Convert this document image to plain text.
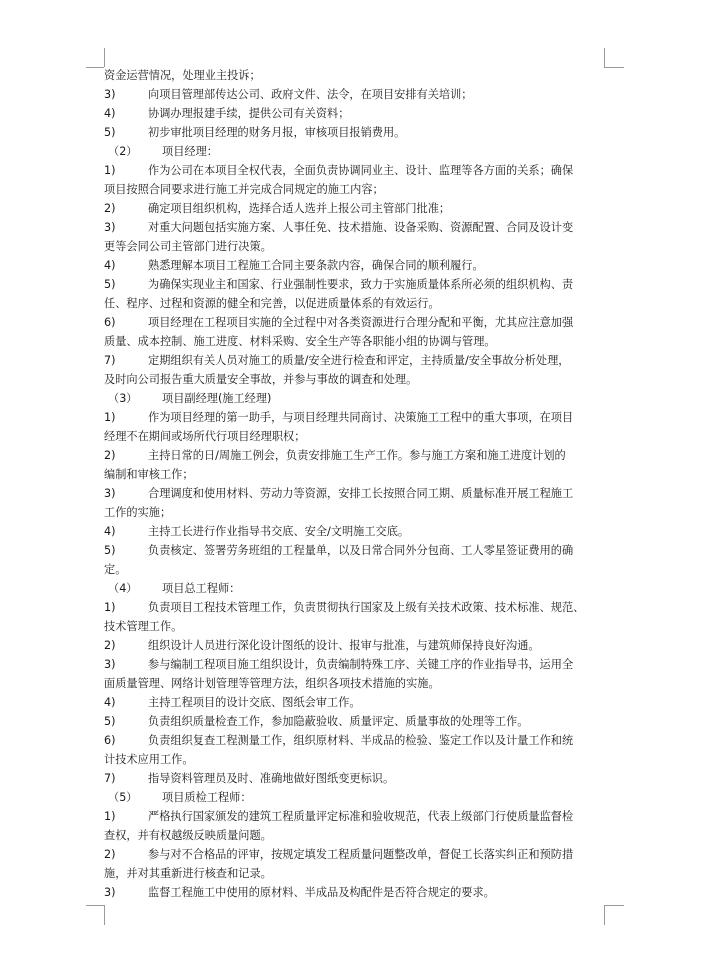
资金运营情况，处理业主投诉；
3)	向项目管理部传达公司、政府文件、法令，在项目安排有关培训；
4)	协调办理报建手续，提供公司有关资料；
5)	初步审批项目经理的财务月报，审核项目报销费用。
（2） 项目经理：
1)	作为公司在本项目全权代表，全面负责协调同业主、设计、监理等各方面的关系；确保
项目按照合同要求进行施工并完成合同规定的施工内容；
2)	确定项目组织机构，选择合适人选并上报公司主管部门批准；
3)	对重大问题包括实施方案、人事任免、技术措施、设备采购、资源配置、合同及设计变
更等会同公司主管部门进行决策。
4)	熟悉理解本项目工程施工合同主要条款内容，确保合同的顺利履行。
5)	为确保实现业主和国家、行业强制性要求，致力于实施质量体系所必须的组织机构、责
任、程序、过程和资源的健全和完善，以促进质量体系的有效运行。
6)	项目经理在工程项目实施的全过程中对各类资源进行合理分配和平衡，尤其应注意加强
质量、成本控制、施工进度、材料采购、安全生产等各职能小组的协调与管理。
7)	定期组织有关人员对施工的质量/安全进行检查和评定，主持质量/安全事故分析处理，
及时向公司报告重大质量安全事故，并参与事故的调查和处理。
（3） 项目副经理(施工经理)
1)	作为项目经理的第一助手，与项目经理共同商讨、决策施工工程中的重大事项，在项目
经理不在期间或场所代行项目经理职权；
2)	主持日常的日/周施工例会，负责安排施工生产工作。参与施工方案和施工进度计划的
编制和审核工作；
3)	合理调度和使用材料、劳动力等资源，安排工长按照合同工期、质量标准开展工程施工
工作的实施；
4)	主持工长进行作业指导书交底、安全/文明施工交底。
5)	负责核定、签署劳务班组的工程量单，以及日常合同外分包商、工人零星签证费用的确
定。
（4） 项目总工程师：
1)	负责项目工程技术管理工作，负责贯彻执行国家及上级有关技术政策、技术标准、规范、
技术管理工作。
2)	组织设计人员进行深化设计图纸的设计、报审与批准，与建筑师保持良好沟通。
3)	参与编制工程项目施工组织设计，负责编制特殊工序、关键工序的作业指导书，运用全
面质量管理、网络计划管理等管理方法，组织各项技术措施的实施。
4)	主持工程项目的设计交底、图纸会审工作。
5)	负责组织质量检查工作，参加隐蔽验收、质量评定、质量事故的处理等工作。
6)	负责组织复查工程测量工作，组织原材料、半成品的检验、鉴定工作以及计量工作和统
计技术应用工作。
7)	指导资料管理员及时、准确地做好图纸变更标识。
（5） 项目质检工程师：
1)	严格执行国家颁发的建筑工程质量评定标准和验收规范，代表上级部门行使质量监督检
查权，并有权越级反映质量问题。
2)	参与对不合格品的评审，按规定填发工程质量问题整改单，督促工长落实纠正和预防措
施，并对其重新进行核查和记录。
3)	监督工程施工中使用的原材料、半成品及构配件是否符合规定的要求。
